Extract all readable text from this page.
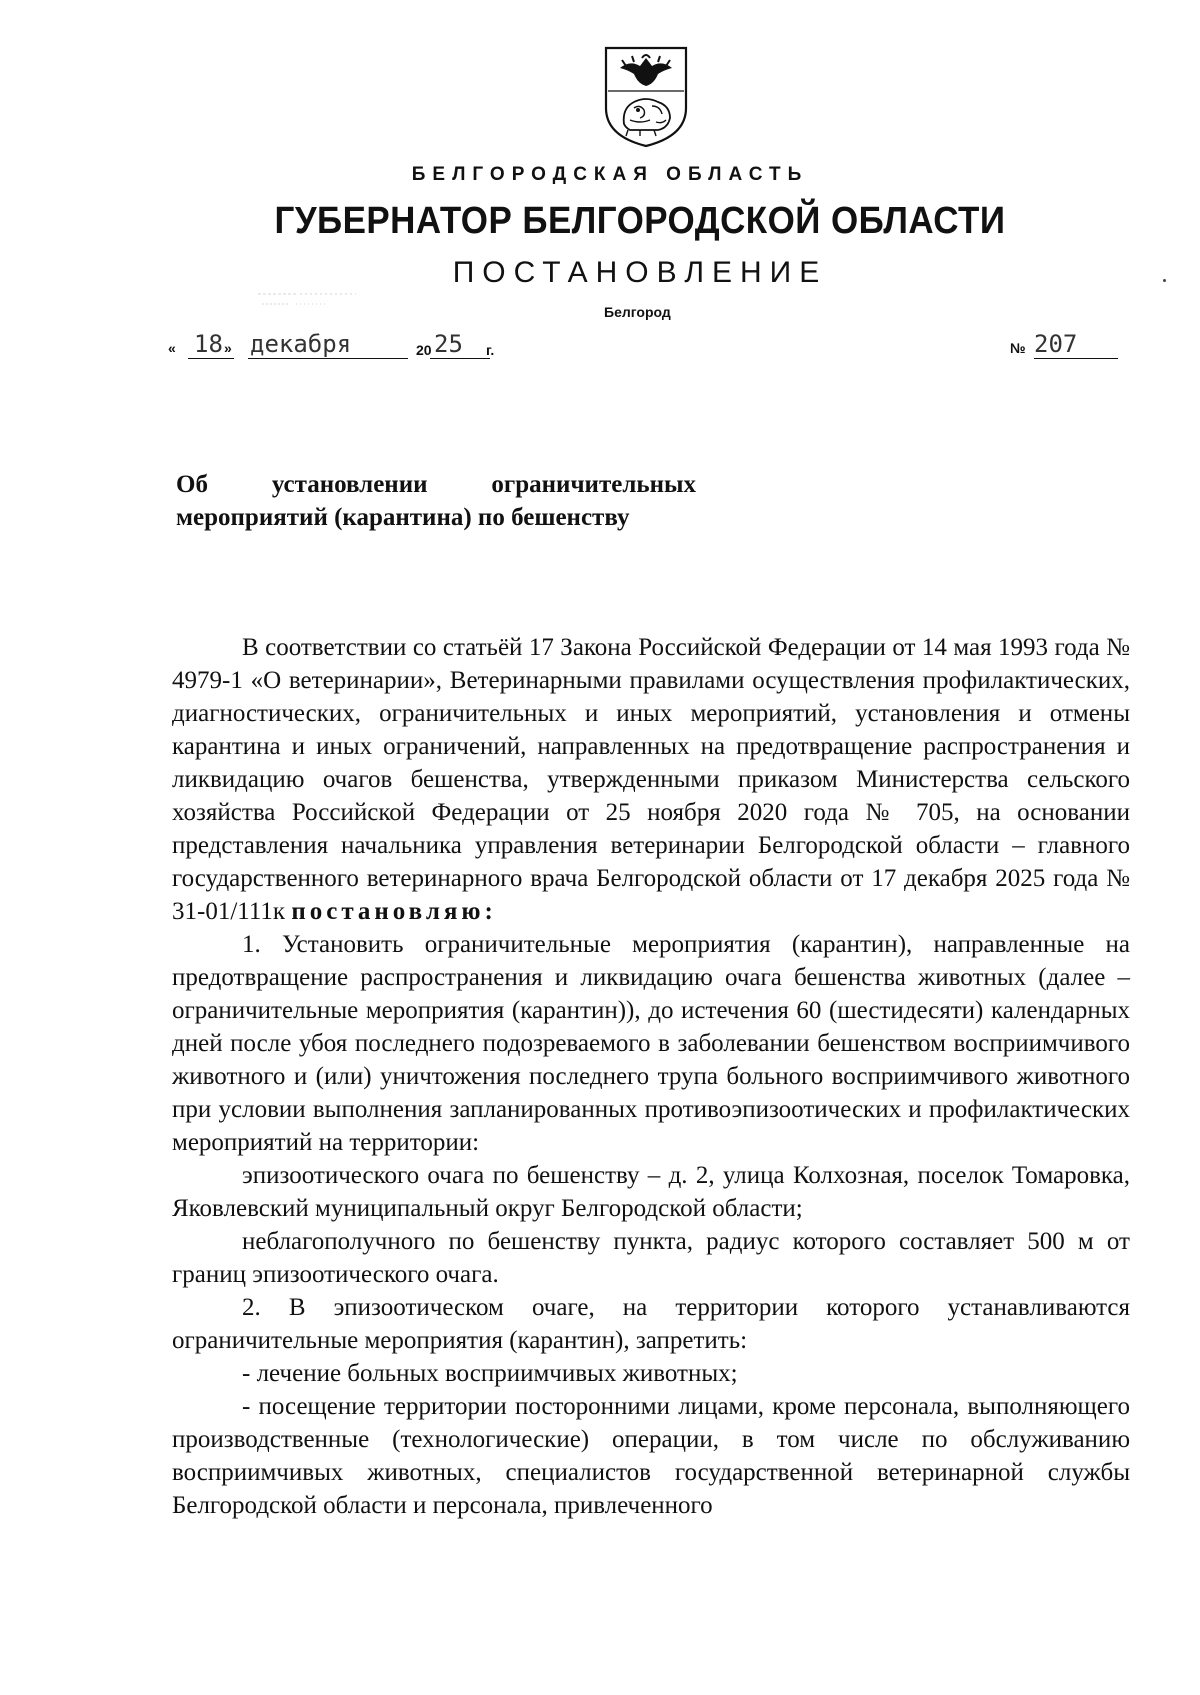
БЕЛГОРОДСКАЯ ОБЛАСТЬ
ГУБЕРНАТОР БЕЛГОРОДСКОЙ ОБЛАСТИ
ПОСТАНОВЛЕНИЕ
Белгород
« 18 » декабря	20 25 г.	№ 207
Об	установлении	ограничительных
мероприятий (карантина) по бешенству

В соответствии со статьёй 17 Закона Российской Федерации от 14 мая 1993 года № 4979-1 «О ветеринарии», Ветеринарными правилами осуществления профилактических, диагностических, ограничительных и иных мероприятий, установления и отмены карантина и иных ограничений, направленных на предотвращение распространения и ликвидацию очагов бешенства, утвержденными приказом Министерства сельского хозяйства Российской Федерации от 25 ноября 2020 года № 705, на основании представления начальника управления ветеринарии Белгородской области – главного государственного ветеринарного врача Белгородской области от 17 декабря 2025 года № 31-01/111к постановляю:

1. Установить ограничительные мероприятия (карантин), направленные на предотвращение распространения и ликвидацию очага бешенства животных (далее – ограничительные мероприятия (карантин)), до истечения 60 (шестидесяти) календарных дней после убоя последнего подозреваемого в заболевании бешенством восприимчивого животного и (или) уничтожения последнего трупа больного восприимчивого животного при условии выполнения запланированных противоэпизоотических и профилактических мероприятий на территории:

эпизоотического очага по бешенству – д. 2, улица Колхозная, поселок Томаровка, Яковлевский муниципальный округ Белгородской области;

неблагополучного по бешенству пункта, радиус которого составляет 500 м от границ эпизоотического очага.

2. В эпизоотическом очаге, на территории которого устанавливаются ограничительные мероприятия (карантин), запретить:

- лечение больных восприимчивых животных;

- посещение территории посторонними лицами, кроме персонала, выполняющего производственные (технологические) операции, в том числе по обслуживанию восприимчивых животных, специалистов государственной ветеринарной службы Белгородской области и персонала, привлеченного
